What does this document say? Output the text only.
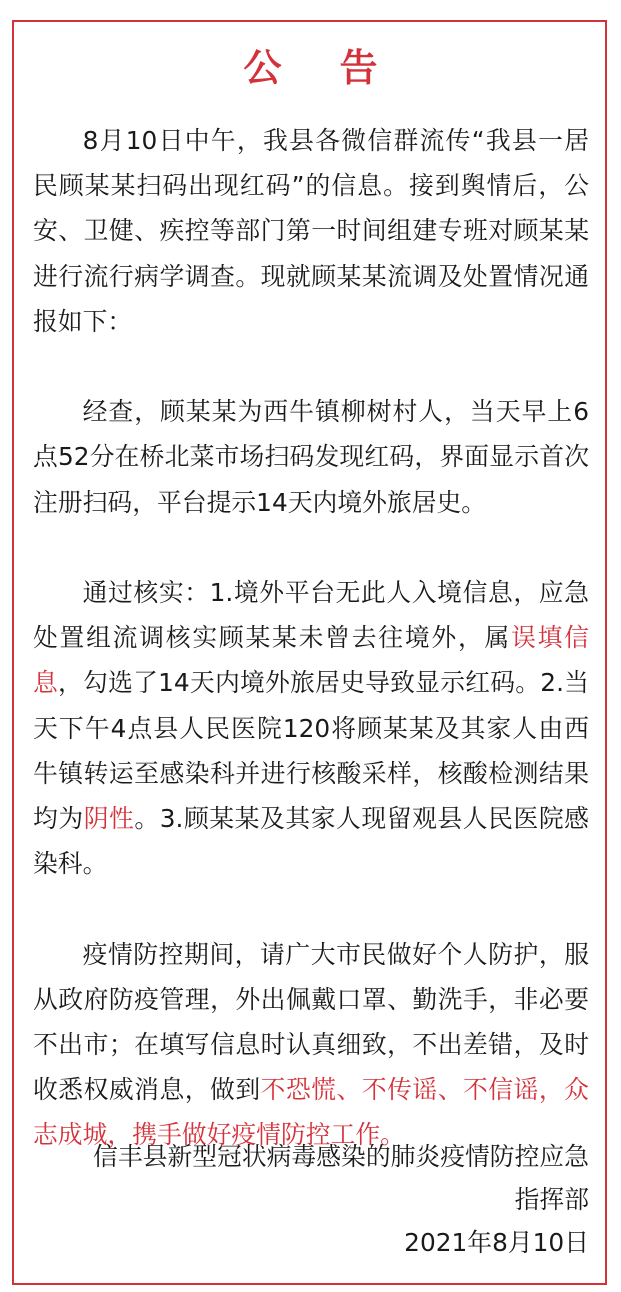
公告

8月10日中午，我县各微信群流传“我县一居民顾某某扫码出现红码”的信息。接到舆情后，公安、卫健、疾控等部门第一时间组建专班对顾某某进行流行病学调查。现就顾某某流调及处置情况通报如下：

经查，顾某某为西牛镇柳树村人，当天早上6点52分在桥北菜市场扫码发现红码，界面显示首次注册扫码，平台提示14天内境外旅居史。

通过核实：1.境外平台无此人入境信息，应急处置组流调核实顾某某未曾去往境外，属误填信息，勾选了14天内境外旅居史导致显示红码。2.当天下午4点县人民医院120将顾某某及其家人由西牛镇转运至感染科并进行核酸采样，核酸检测结果均为阴性。3.顾某某及其家人现留观县人民医院感染科。

疫情防控期间，请广大市民做好个人防护，服从政府防疫管理，外出佩戴口罩、勤洗手，非必要不出市；在填写信息时认真细致，不出差错，及时收悉权威消息，做到不恐慌、不传谣、不信谣，众志成城，携手做好疫情防控工作。

信丰县新型冠状病毒感染的肺炎疫情防控应急
指挥部
2021年8月10日
